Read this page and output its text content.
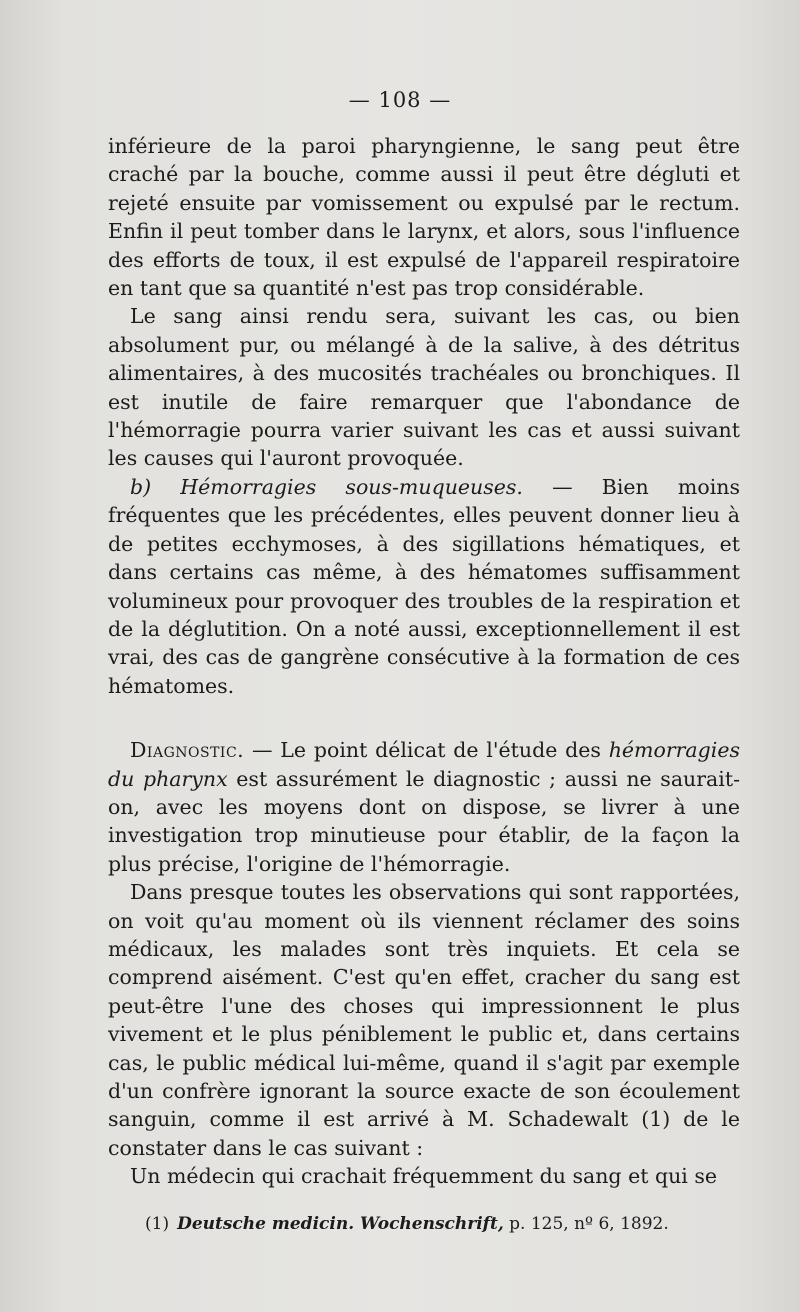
— 108 —

inférieure de la paroi pharyngienne, le sang peut être craché par la bouche, comme aussi il peut être dégluti et rejeté ensuite par vomissement ou expulsé par le rectum. Enfin il peut tomber dans le larynx, et alors, sous l'influence des efforts de toux, il est expulsé de l'appareil respiratoire en tant que sa quantité n'est pas trop considérable.

Le sang ainsi rendu sera, suivant les cas, ou bien absolument pur, ou mélangé à de la salive, à des détritus alimentaires, à des mucosités trachéales ou bronchiques. Il est inutile de faire remarquer que l'abondance de l'hémorragie pourra varier suivant les cas et aussi suivant les causes qui l'auront provoquée.

b) Hémorragies sous-muqueuses. — Bien moins fréquentes que les précédentes, elles peuvent donner lieu à de petites ecchymoses, à des sigillations hématiques, et dans certains cas même, à des hématomes suffisamment volumineux pour provoquer des troubles de la respiration et de la déglutition. On a noté aussi, exceptionnellement il est vrai, des cas de gangrène consécutive à la formation de ces hématomes.

Diagnostic. — Le point délicat de l'étude des hémorragies du pharynx est assurément le diagnostic ; aussi ne saurait-on, avec les moyens dont on dispose, se livrer à une investigation trop minutieuse pour établir, de la façon la plus précise, l'origine de l'hémorragie.

Dans presque toutes les observations qui sont rapportées, on voit qu'au moment où ils viennent réclamer des soins médicaux, les malades sont très inquiets. Et cela se comprend aisément. C'est qu'en effet, cracher du sang est peut-être l'une des choses qui impressionnent le plus vivement et le plus péniblement le public et, dans certains cas, le public médical lui-même, quand il s'agit par exemple d'un confrère ignorant la source exacte de son écoulement sanguin, comme il est arrivé à M. Schadewalt (1) de le constater dans le cas suivant :

Un médecin qui crachait fréquemment du sang et qui se

(1) Deutsche medicin. Wochenschrift, p. 125, nº 6, 1892.
